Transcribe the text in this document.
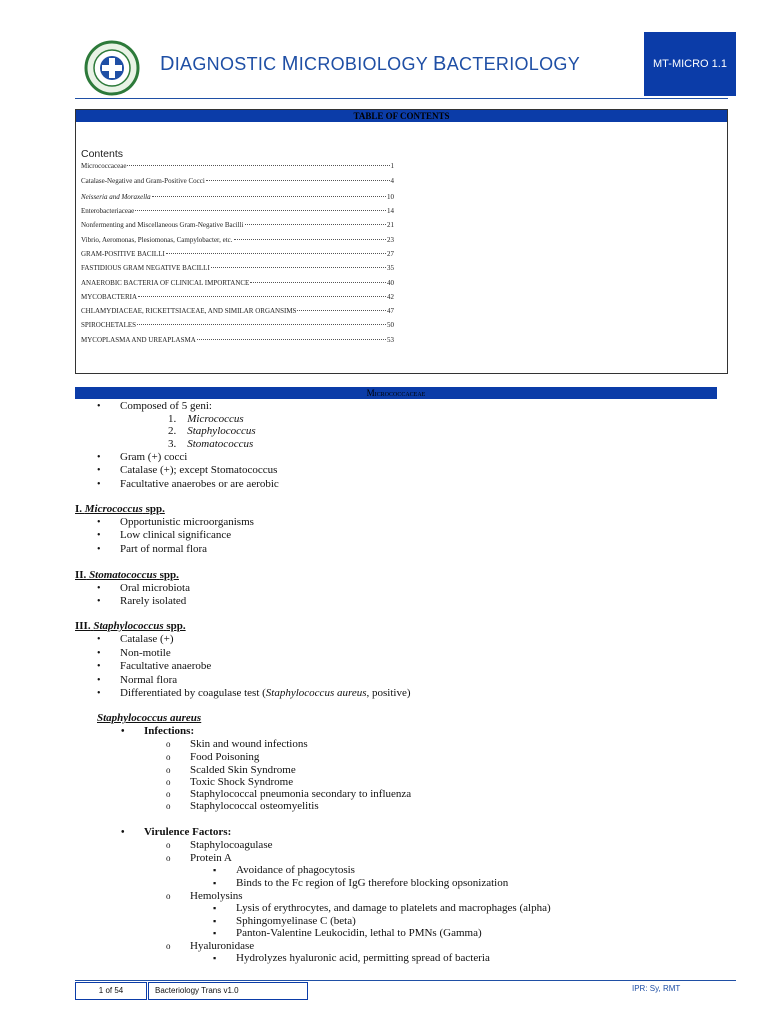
DIAGNOSTIC MICROBIOLOGY BACTERIOLOGY	MT-MICRO 1.1
TABLE OF CONTENTS
Contents
Micrococcaceae	1
Catalase-Negative and Gram-Positive Cocci	4
Neisseria and Moraxella	10
Enterobacteriaceae	14
Nonfermenting and Miscellaneous Gram-Negative Bacilli	21
Vibrio, Aeromonas, Plesiomonas, Campylobacter, etc.	23
GRAM-POSITIVE BACILLI	27
FASTIDIOUS GRAM NEGATIVE BACILLI	35
ANAEROBIC BACTERIA OF CLINICAL IMPORTANCE	40
MYCOBACTERIA	42
CHLAMYDIACEAE, RICKETTSIACEAE, AND SIMILAR ORGANSIMS	47
SPIROCHETALES	50
MYCOPLASMA AND UREAPLASMA	53
Micrococcaceae
• Composed of 5 geni:
1.    Micrococcus
2.    Staphylococcus
3.    Stomatococcus
• Gram (+) cocci
• Catalase (+); except Stomatococcus
• Facultative anaerobes or are aerobic
I. Micrococcus spp.
• Opportunistic microorganisms
• Low clinical significance
• Part of normal flora
II. Stomatococcus spp.
• Oral microbiota
• Rarely isolated
III. Staphylococcus spp.
• Catalase (+)
• Non-motile
• Facultative anaerobe
• Normal flora
• Differentiated by coagulase test (Staphylococcus aureus, positive)
Staphylococcus aureus
• Infections:
o Skin and wound infections
o Food Poisoning
o Scalded Skin Syndrome
o Toxic Shock Syndrome
o Staphylococcal pneumonia secondary to influenza
o Staphylococcal osteomyelitis
• Virulence Factors:
o Staphylocoagulase
o Protein A
▪ Avoidance of phagocytosis
▪ Binds to the Fc region of IgG therefore blocking opsonization
o Hemolysins
▪ Lysis of erythrocytes, and damage to platelets and macrophages (alpha)
▪ Sphingomyelinase C (beta)
▪ Panton-Valentine Leukocidin, lethal to PMNs (Gamma)
o Hyaluronidase
▪ Hydrolyzes hyaluronic acid, permitting spread of bacteria
1 of 54	Bacteriology Trans v1.0	IPR: Sy, RMT
